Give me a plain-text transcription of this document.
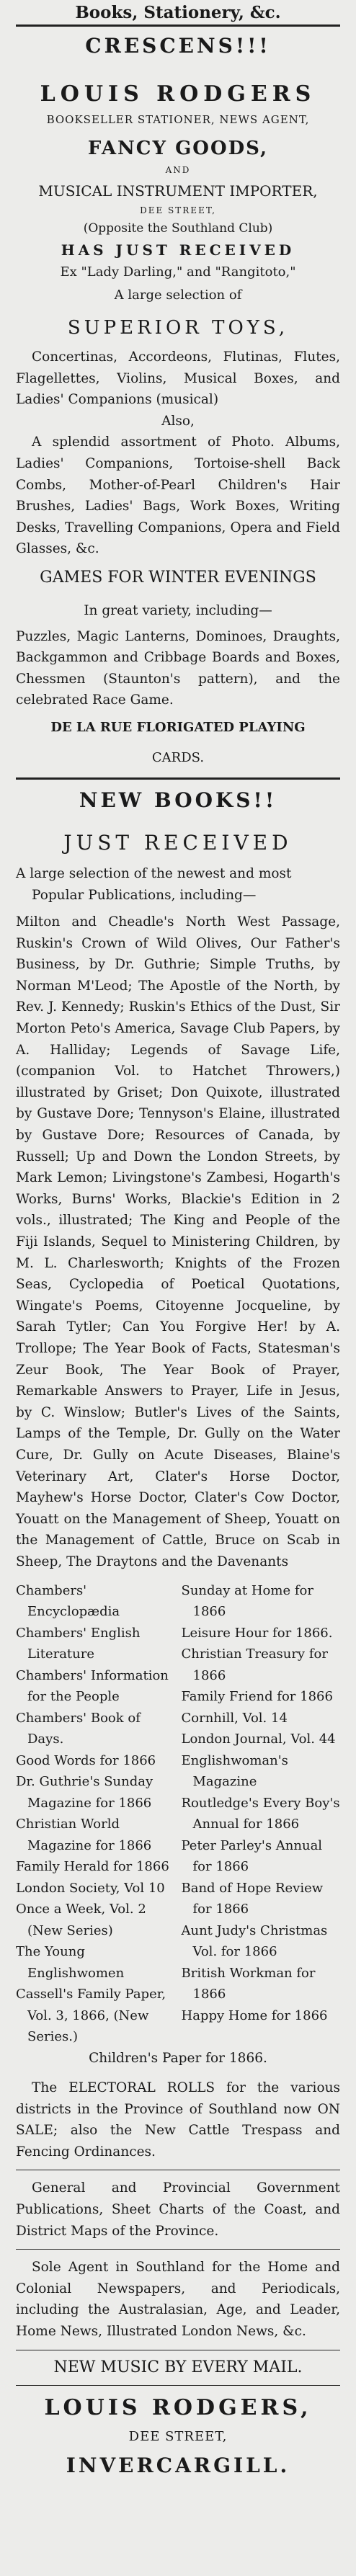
Books, Stationery, &c.
CRESCENS!!!
LOUIS RODGERS
BOOKSELLER STATIONER, NEWS AGENT,
FANCY GOODS,
AND
MUSICAL INSTRUMENT IMPORTER,
DEE STREET,
(Opposite the Southland Club)
HAS JUST RECEIVED
Ex "Lady Darling," and "Rangitoto,"
A large selection of
SUPERIOR TOYS,
Concertinas, Accordeons, Flutinas, Flutes, Flagellettes, Violins, Musical Boxes, and Ladies' Companions (musical)
Also,
A splendid assortment of Photo. Albums, Ladies' Companions, Tortoise-shell Back Combs, Mother-of-Pearl Children's Hair Brushes, Ladies' Bags, Work Boxes, Writing Desks, Travelling Companions, Opera and Field Glasses, &c.
GAMES FOR WINTER EVENINGS
In great variety, including—
Puzzles, Magic Lanterns, Dominoes, Draughts, Backgammon and Cribbage Boards and Boxes, Chessmen (Staunton's pattern), and the celebrated Race Game.
DE LA RUE FLORIGATED PLAYING
CARDS.
NEW BOOKS!!
JUST RECEIVED
A large selection of the newest and most Popular Publications, including—
Milton and Cheadle's North West Passage, Ruskin's Crown of Wild Olives, Our Father's Business, by Dr. Guthrie; Simple Truths, by Norman M'Leod; The Apostle of the North, by Rev. J. Kennedy; Ruskin's Ethics of the Dust, Sir Morton Peto's America, Savage Club Papers, by A. Halliday; Legends of Savage Life, (companion Vol. to Hatchet Throwers,) illustrated by Griset; Don Quixote, illustrated by Gustave Dore; Tennyson's Elaine, illustrated by Gustave Dore; Resources of Canada, by Russell; Up and Down the London Streets, by Mark Lemon; Livingstone's Zambesi, Hogarth's Works, Burns' Works, Blackie's Edition in 2 vols., illustrated; The King and People of the Fiji Islands, Sequel to Ministering Children, by M. L. Charlesworth; Knights of the Frozen Seas, Cyclopedia of Poetical Quotations, Wingate's Poems, Citoyenne Jocqueline, by Sarah Tytler; Can You Forgive Her! by A. Trollope; The Year Book of Facts, Statesman's Zeur Book, The Year Book of Prayer, Remarkable Answers to Prayer, Life in Jesus, by C. Winslow; Butler's Lives of the Saints, Lamps of the Temple, Dr. Gully on the Water Cure, Dr. Gully on Acute Diseases, Blaine's Veterinary Art, Clater's Horse Doctor, Mayhew's Horse Doctor, Clater's Cow Doctor, Youatt on the Management of Sheep, Youatt on the Management of Cattle, Bruce on Scab in Sheep, The Draytons and the Davenants
Chambers' Encyclopædia
Chambers' English Literature
Chambers' Information for the People
Chambers' Book of Days.
Good Words for 1866
Dr. Guthrie's Sunday Magazine for 1866
Christian World Magazine for 1866
Family Herald for 1866
London Society, Vol 10
Once a Week, Vol. 2 (New Series)
The Young Englishwomen
Cassell's Family Paper, Vol. 3, 1866, (New Series.)
Sunday at Home for 1866
Leisure Hour for 1866.
Christian Treasury for 1866
Family Friend for 1866
Cornhill, Vol. 14
London Journal, Vol. 44
Englishwoman's Magazine
Routledge's Every Boy's Annual for 1866
Peter Parley's Annual for 1866
Band of Hope Review for 1866
Aunt Judy's Christmas Vol. for 1866
British Workman for 1866
Happy Home for 1866
Children's Paper for 1866.
The ELECTORAL ROLLS for the various districts in the Province of Southland now ON SALE; also the New Cattle Trespass and Fencing Ordinances.
General and Provincial Government Publications, Sheet Charts of the Coast, and District Maps of the Province.
Sole Agent in Southland for the Home and Colonial Newspapers, and Periodicals, including the Australasian, Age, and Leader, Home News, Illustrated London News, &c.
NEW MUSIC BY EVERY MAIL.
LOUIS RODGERS,
DEE STREET,
INVERCARGILL.
